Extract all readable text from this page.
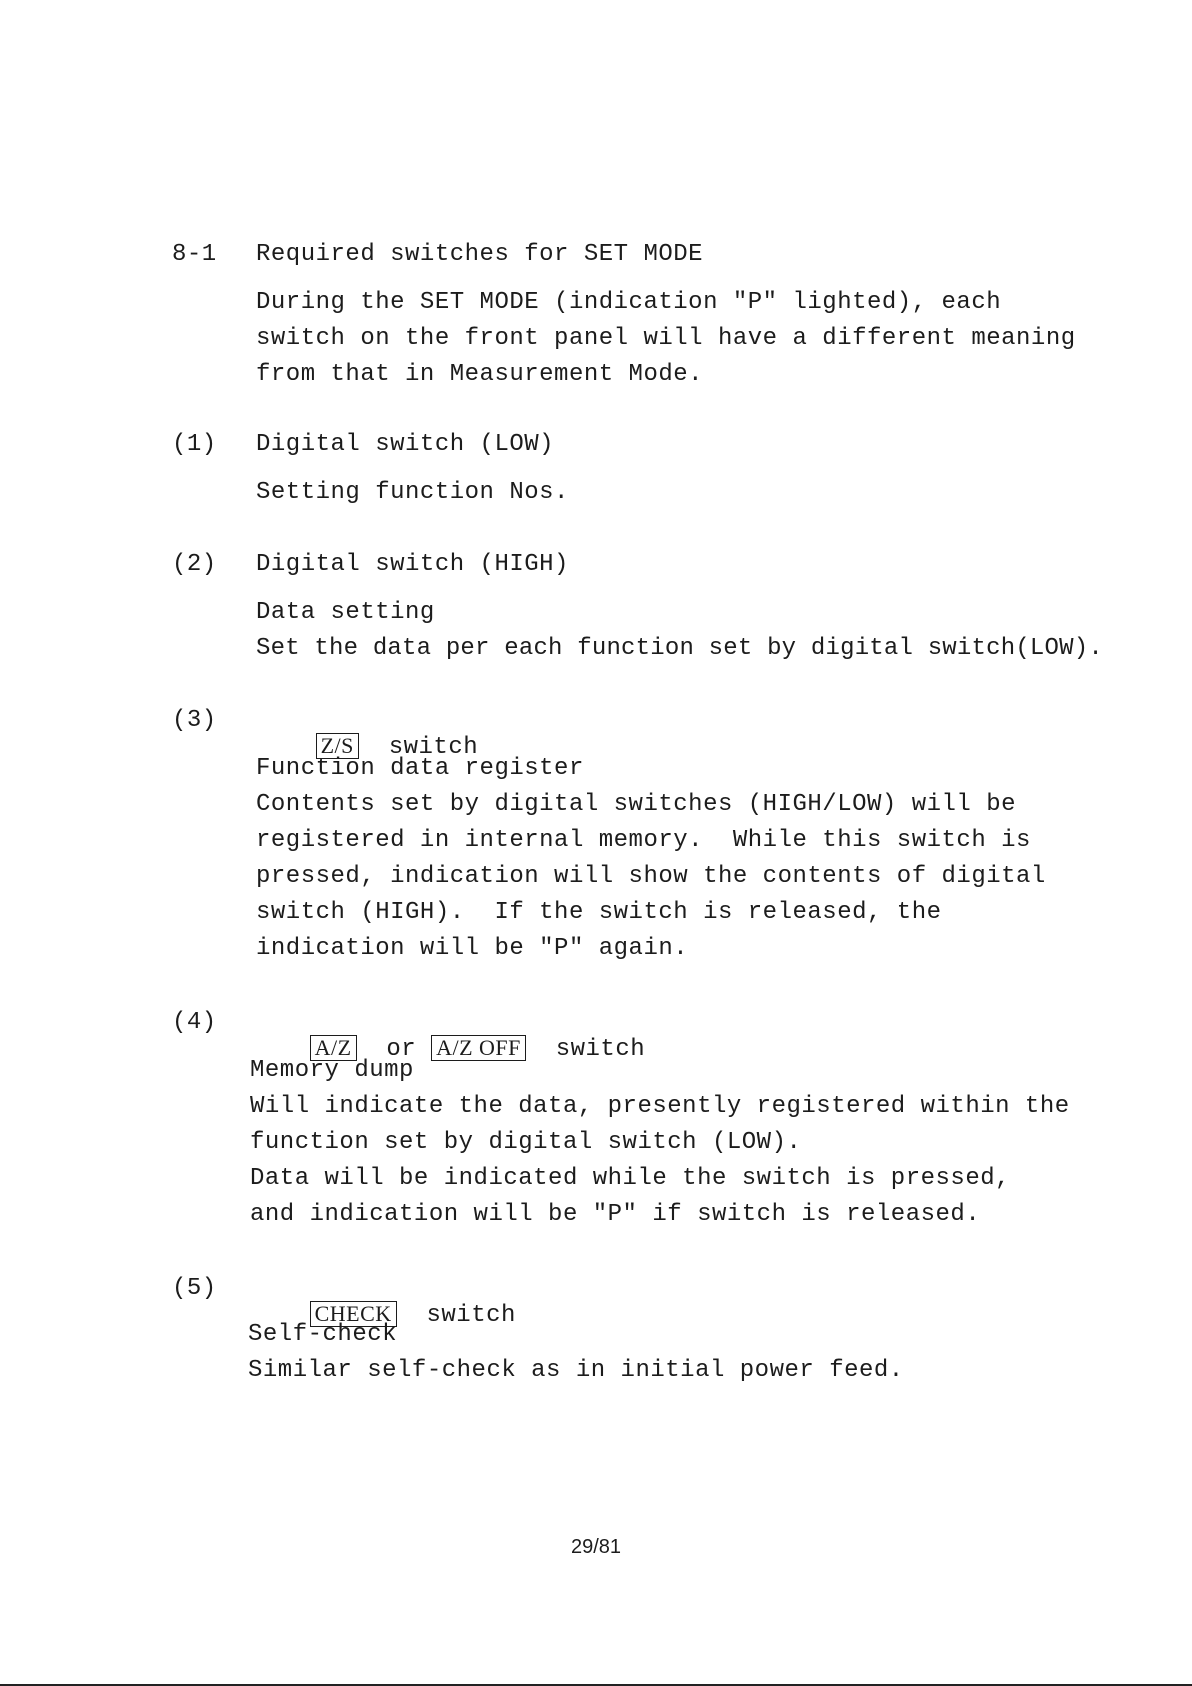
8-1 Required switches for SET MODE
During the SET MODE (indication "P" lighted), each
switch on the front panel will have a different meaning
from that in Measurement Mode.
(1) Digital switch (LOW)
Setting function Nos.
(2) Digital switch (HIGH)
Data setting
Set the data per each function set by digital switch(LOW).
(3)

Z/S switch

Function data register
Contents set by digital switches (HIGH/LOW) will be
registered in internal memory.  While this switch is
pressed, indication will show the contents of digital
switch (HIGH).  If the switch is released, the
indication will be "P" again.
(4)

A/Z or A/Z OFF switch

Memory dump
Will indicate the data, presently registered within the
function set by digital switch (LOW).
Data will be indicated while the switch is pressed,
and indication will be "P" if switch is released.
(5)

CHECK switch

Self-check
Similar self-check as in initial power feed.
29/81
